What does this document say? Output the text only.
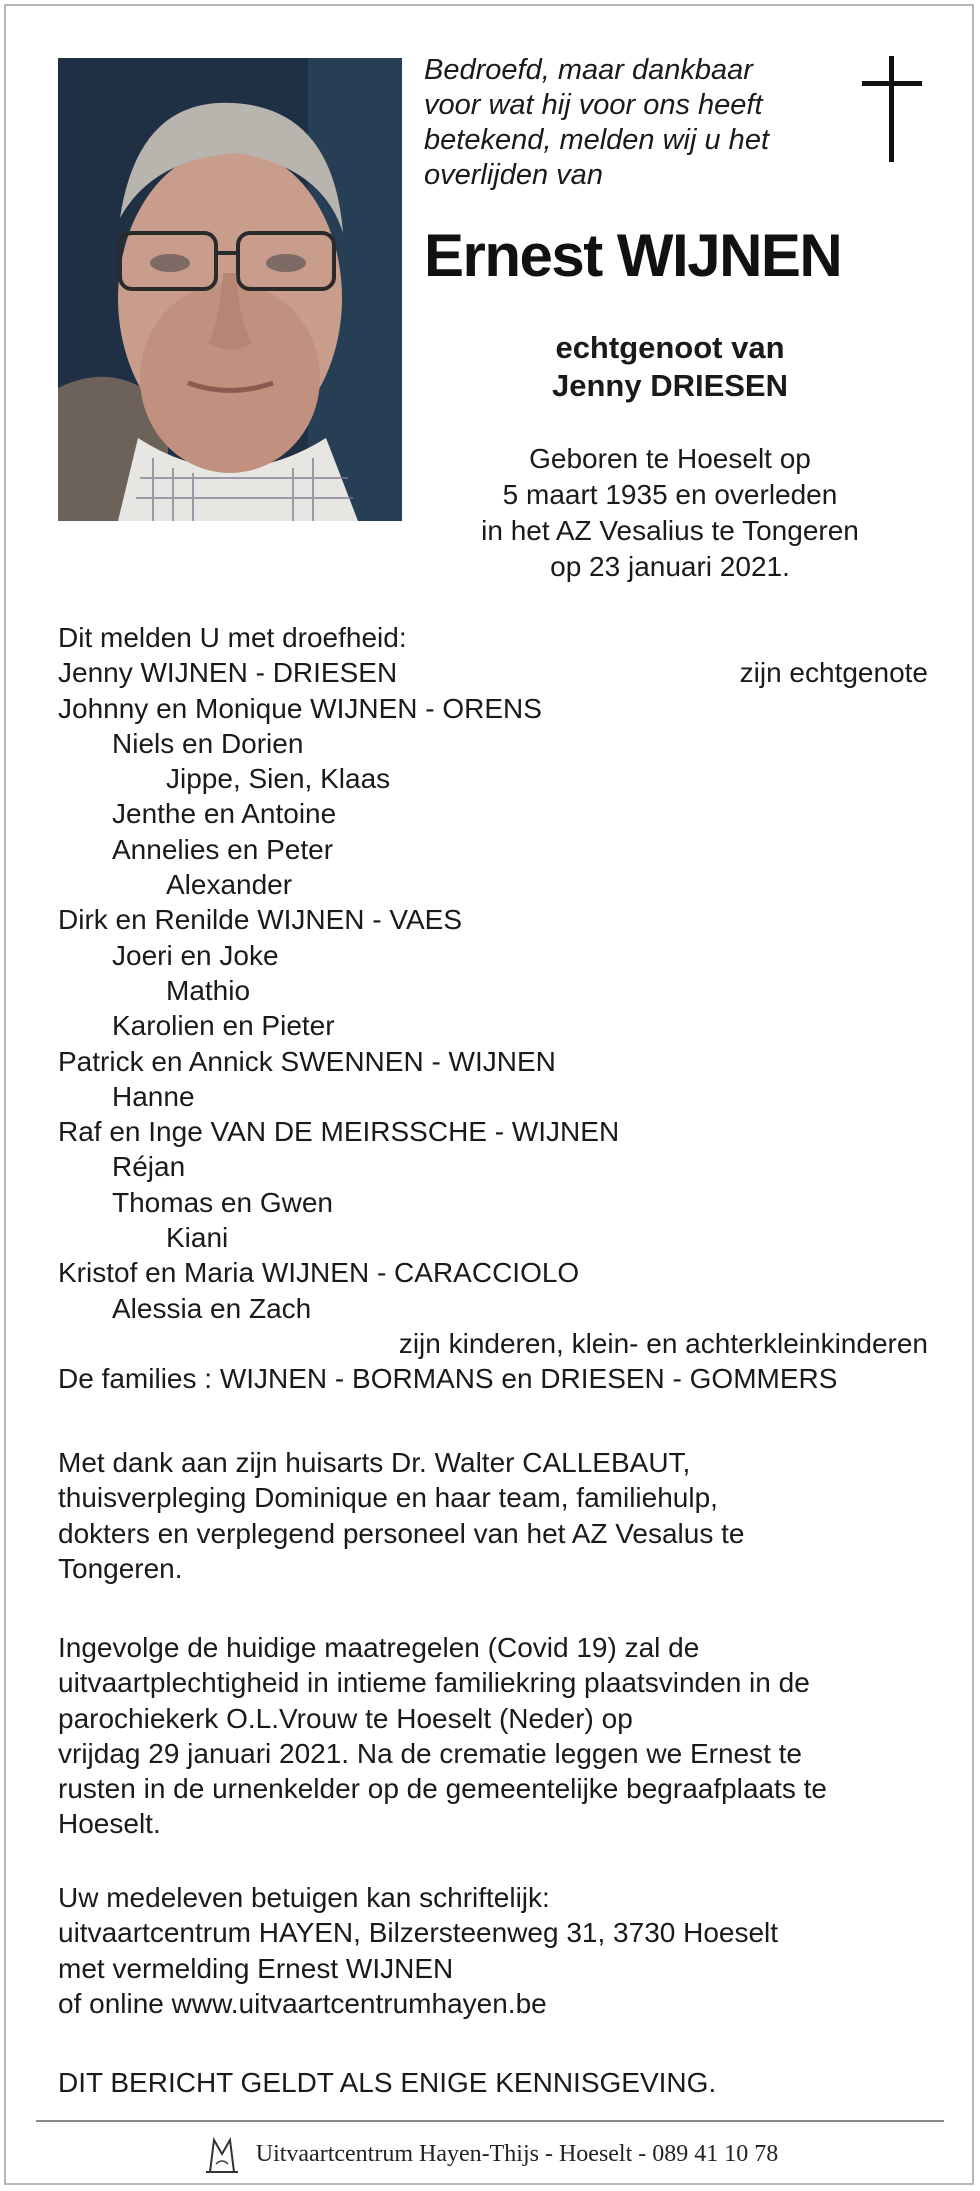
Bedroefd, maar dankbaar
voor wat hij voor ons heeft
betekend, melden wij u het
overlijden van
Ernest WIJNEN
echtgenoot van
Jenny DRIESEN
Geboren te Hoeselt op
5 maart 1935 en overleden
in het AZ Vesalius te Tongeren
op 23 januari 2021.
Dit melden U met droefheid:
Jenny WIJNEN - DRIESEN	zijn echtgenote
Johnny en Monique WIJNEN - ORENS
Niels en Dorien
Jippe, Sien, Klaas
Jenthe en Antoine
Annelies en Peter
Alexander
Dirk en Renilde WIJNEN - VAES
Joeri en Joke
Mathio
Karolien en Pieter
Patrick en Annick SWENNEN - WIJNEN
Hanne
Raf en Inge VAN DE MEIRSSCHE - WIJNEN
Réjan
Thomas en Gwen
Kiani
Kristof en Maria WIJNEN - CARACCIOLO
Alessia en Zach
zijn kinderen, klein- en achterkleinkinderen
De families : WIJNEN - BORMANS en DRIESEN - GOMMERS
Met dank aan zijn huisarts Dr. Walter CALLEBAUT,
thuisverpleging Dominique en haar team, familiehulp,
dokters en verplegend personeel van het AZ Vesalus te
Tongeren.
Ingevolge de huidige maatregelen (Covid 19) zal de
uitvaartplechtigheid in intieme familiekring plaatsvinden in de
parochiekerk O.L.Vrouw te Hoeselt (Neder) op
vrijdag 29 januari 2021. Na de crematie leggen we Ernest te
rusten in de urnenkelder op de gemeentelijke begraafplaats te
Hoeselt.
Uw medeleven betuigen kan schriftelijk:
uitvaartcentrum HAYEN, Bilzersteenweg 31, 3730 Hoeselt
met vermelding Ernest WIJNEN
of online www.uitvaartcentrumhayen.be
DIT BERICHT GELDT ALS ENIGE KENNISGEVING.
Uitvaartcentrum Hayen-Thijs - Hoeselt - 089 41 10 78
